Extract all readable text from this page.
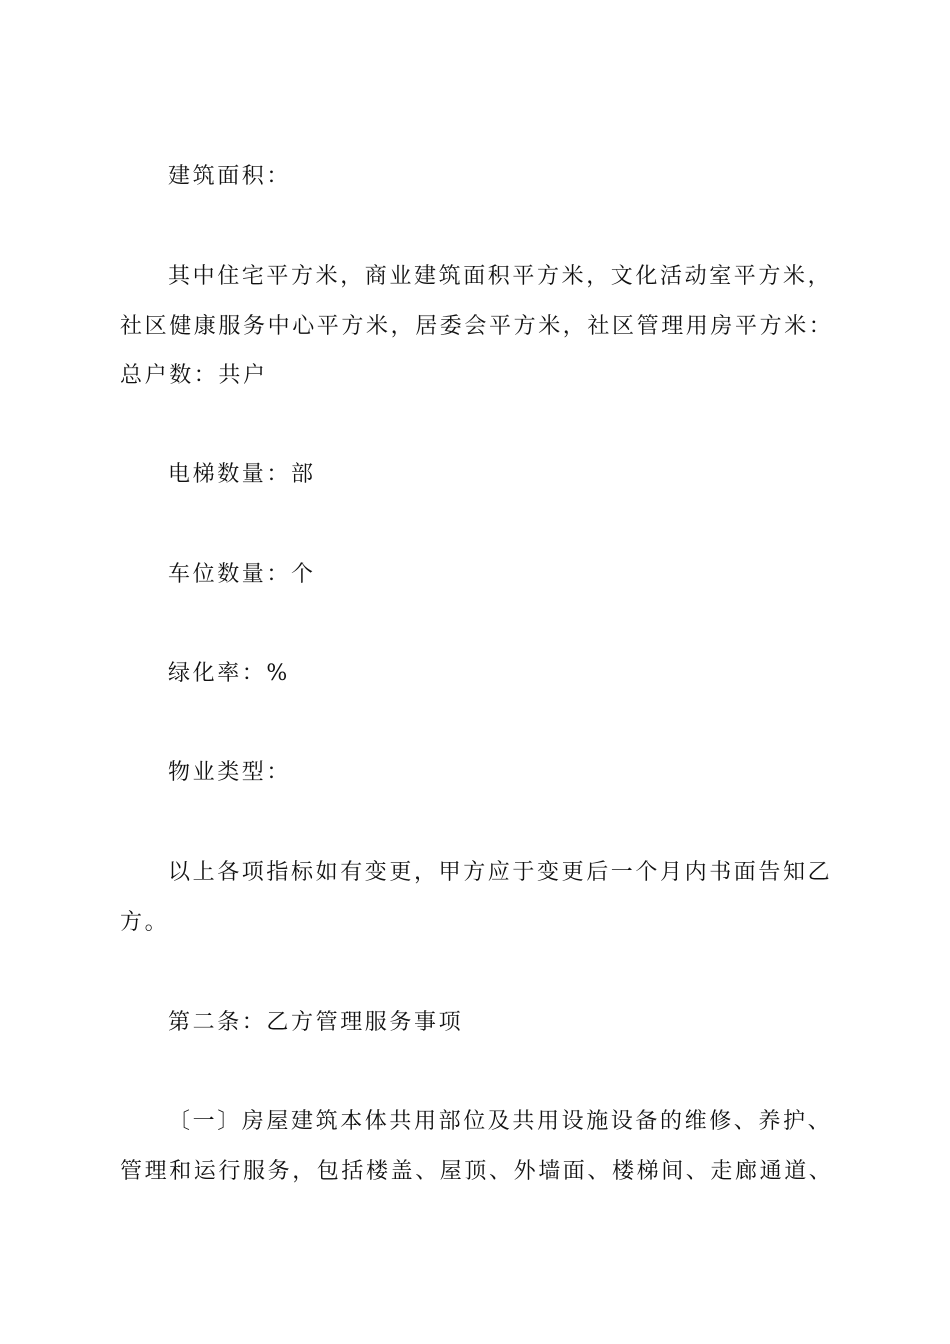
建筑面积：
其中住宅平方米，商业建筑面积平方米，文化活动室平方米，
社区健康服务中心平方米，居委会平方米，社区管理用房平方米：
总户数：共户
电梯数量：部
车位数量：个
绿化率：%
物业类型：
以上各项指标如有变更，甲方应于变更后一个月内书面告知乙
方。
第二条：乙方管理服务事项
〔一〕房屋建筑本体共用部位及共用设施设备的维修、养护、
管理和运行服务，包括楼盖、屋顶、外墙面、楼梯间、走廊通道、
